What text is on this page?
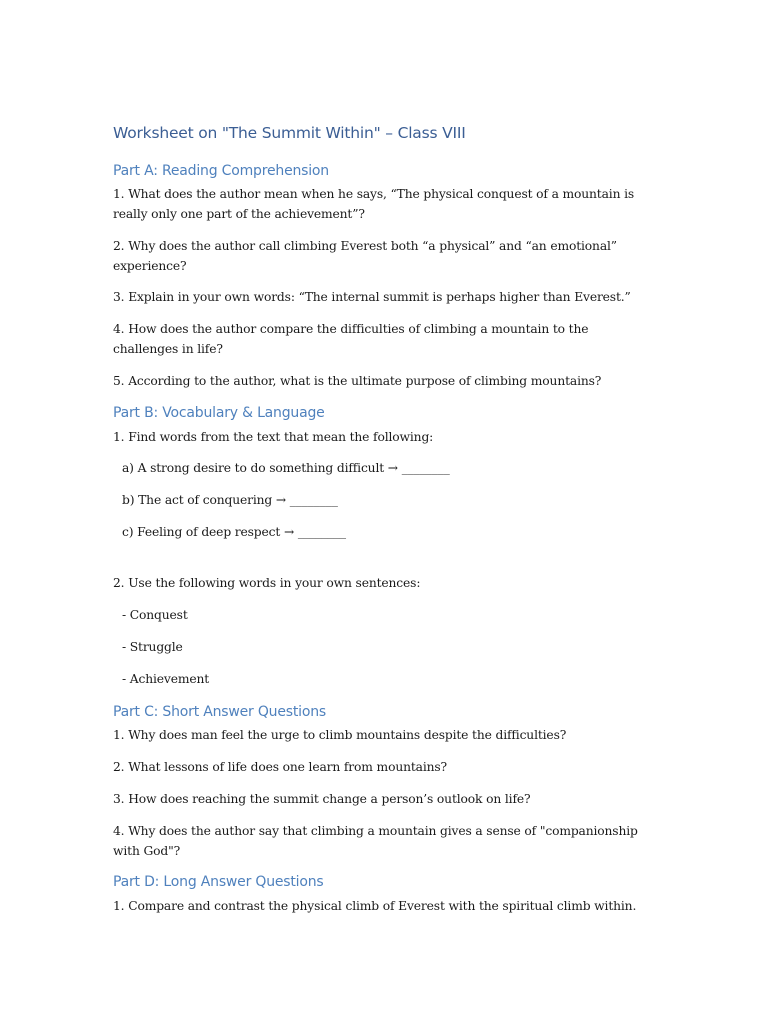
Worksheet on "The Summit Within" – Class VIII
Part A: Reading Comprehension
1. What does the author mean when he says, “The physical conquest of a mountain is really only one part of the achievement”?
2. Why does the author call climbing Everest both “a physical” and “an emotional” experience?
3. Explain in your own words: “The internal summit is perhaps higher than Everest.”
4. How does the author compare the difficulties of climbing a mountain to the challenges in life?
5. According to the author, what is the ultimate purpose of climbing mountains?
Part B: Vocabulary & Language
1. Find words from the text that mean the following:
a) A strong desire to do something difficult → ________
b) The act of conquering → ________
c) Feeling of deep respect → ________
2. Use the following words in your own sentences:
- Conquest
- Struggle
- Achievement
Part C: Short Answer Questions
1. Why does man feel the urge to climb mountains despite the difficulties?
2. What lessons of life does one learn from mountains?
3. How does reaching the summit change a person’s outlook on life?
4. Why does the author say that climbing a mountain gives a sense of "companionship with God"?
Part D: Long Answer Questions
1. Compare and contrast the physical climb of Everest with the spiritual climb within.
